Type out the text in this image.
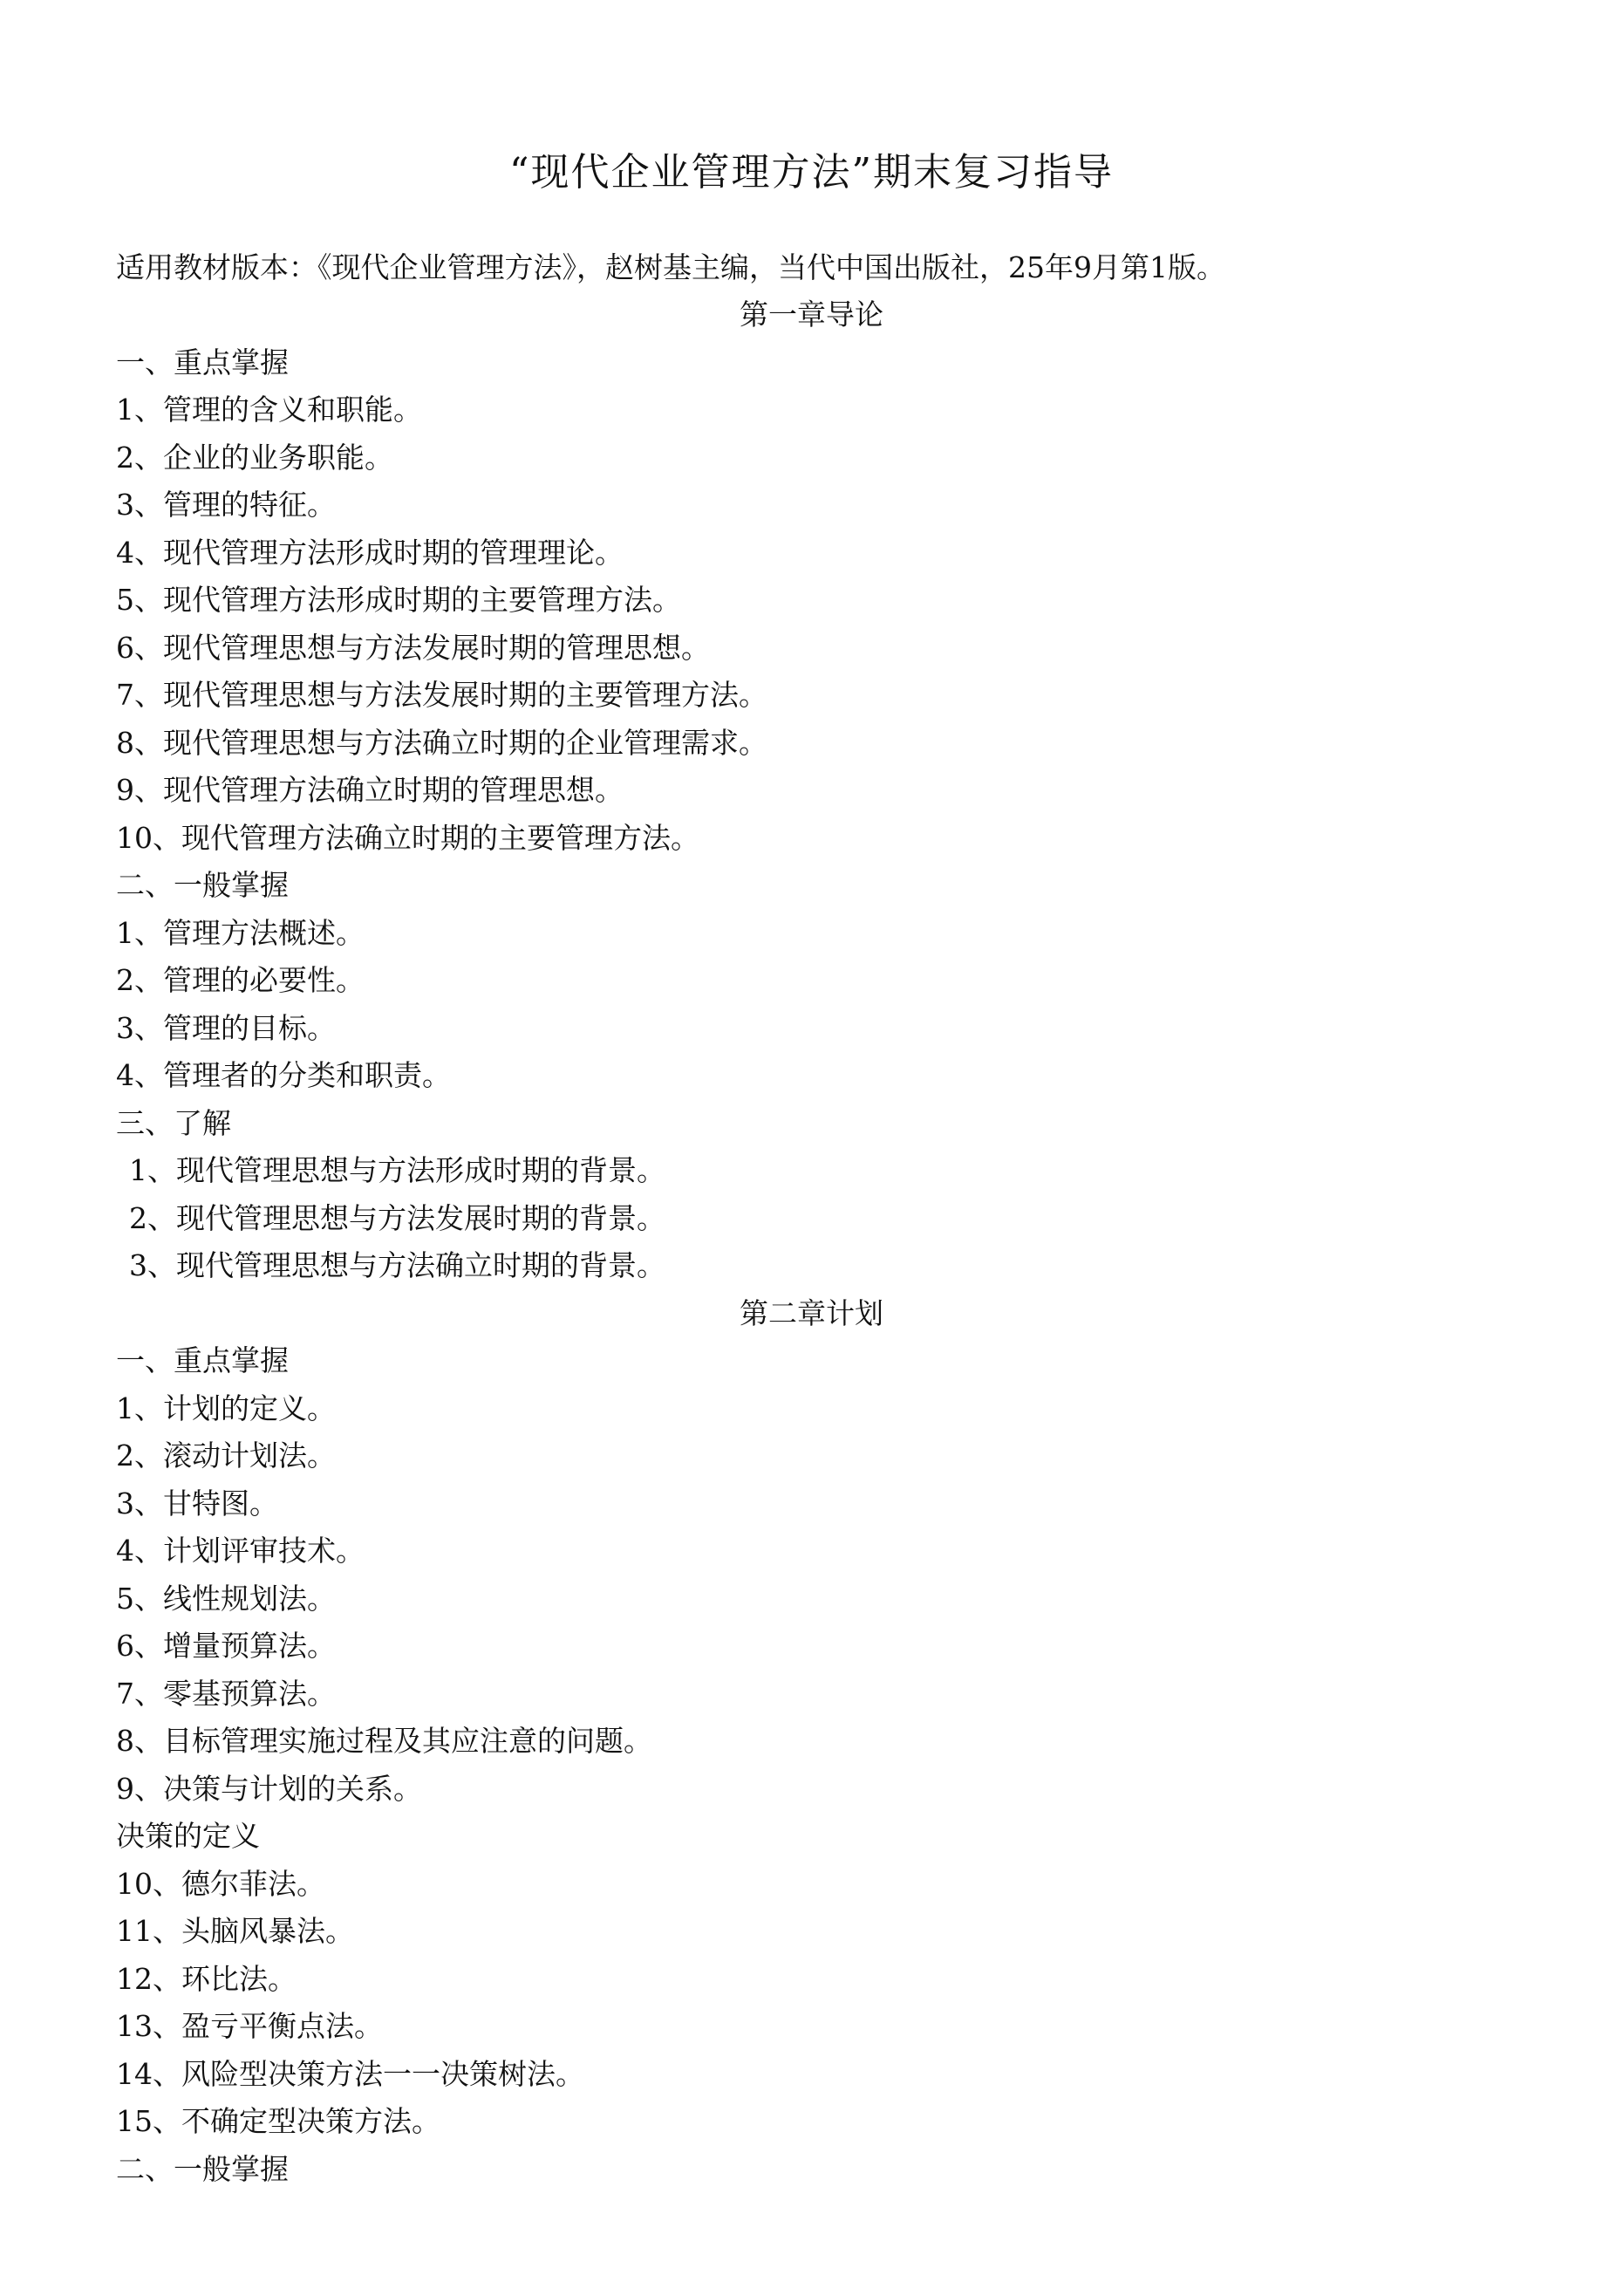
“现代企业管理方法”期末复习指导
适用教材版本：《现代企业管理方法》，赵树基主编，当代中国出版社，25年9月第1版。
第一章导论
一、重点掌握
1、管理的含义和职能。
2、企业的业务职能。
3、管理的特征。
4、现代管理方法形成时期的管理理论。
5、现代管理方法形成时期的主要管理方法。
6、现代管理思想与方法发展时期的管理思想。
7、现代管理思想与方法发展时期的主要管理方法。
8、现代管理思想与方法确立时期的企业管理需求。
9、现代管理方法确立时期的管理思想。
10、现代管理方法确立时期的主要管理方法。
二、一般掌握
1、管理方法概述。
2、管理的必要性。
3、管理的目标。
4、管理者的分类和职责。
三、了解
1、现代管理思想与方法形成时期的背景。
2、现代管理思想与方法发展时期的背景。
3、现代管理思想与方法确立时期的背景。
第二章计划
一、重点掌握
1、计划的定义。
2、滚动计划法。
3、甘特图。
4、计划评审技术。
5、线性规划法。
6、增量预算法。
7、零基预算法。
8、目标管理实施过程及其应注意的问题。
9、决策与计划的关系。
决策的定义
10、德尔菲法。
11、头脑风暴法。
12、环比法。
13、盈亏平衡点法。
14、风险型决策方法一一决策树法。
15、不确定型决策方法。
二、一般掌握
